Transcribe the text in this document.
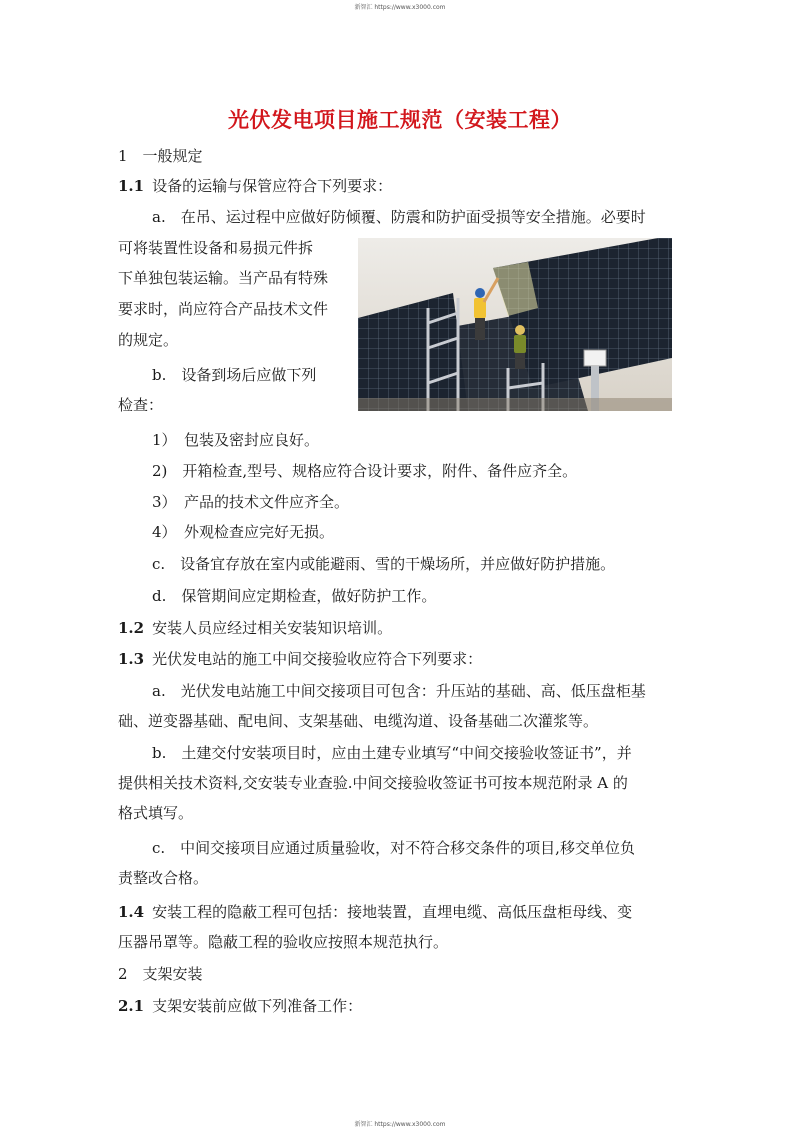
新智汇 https://www.x3000.com
光伏发电项目施工规范（安装工程）
1　一般规定
1.1 设备的运输与保管应符合下列要求：
a.　在吊、运过程中应做好防倾覆、防震和防护面受损等安全措施。必要时
可将装置性设备和易损元件拆
下单独包装运输。当产品有特殊
要求时，尚应符合产品技术文件
的规定。
b.　设备到场后应做下列
检查：
1）　包装及密封应良好。
2)　开箱检查,型号、规格应符合设计要求，附件、备件应齐全。
3）　产品的技术文件应齐全。
4）　外观检查应完好无损。
c.　设备宜存放在室内或能避雨、雪的干燥场所，并应做好防护措施。
d.　保管期间应定期检查，做好防护工作。
1.2 安装人员应经过相关安装知识培训。
1.3 光伏发电站的施工中间交接验收应符合下列要求：
a.　光伏发电站施工中间交接项目可包含：升压站的基础、高、低压盘柜基
础、逆变器基础、配电间、支架基础、电缆沟道、设备基础二次灌浆等。
b.　土建交付安装项目时，应由土建专业填写“中间交接验收签证书”，并
提供相关技术资料,交安装专业查验.中间交接验收签证书可按本规范附录 A 的
格式填写。
c.　中间交接项目应通过质量验收，对不符合移交条件的项目,移交单位负
责整改合格。
1.4 安装工程的隐蔽工程可包括：接地装置，直埋电缆、高低压盘柜母线、变
压器吊罩等。隐蔽工程的验收应按照本规范执行。
2　支架安装
2.1 支架安装前应做下列准备工作：
新智汇 https://www.x3000.com
